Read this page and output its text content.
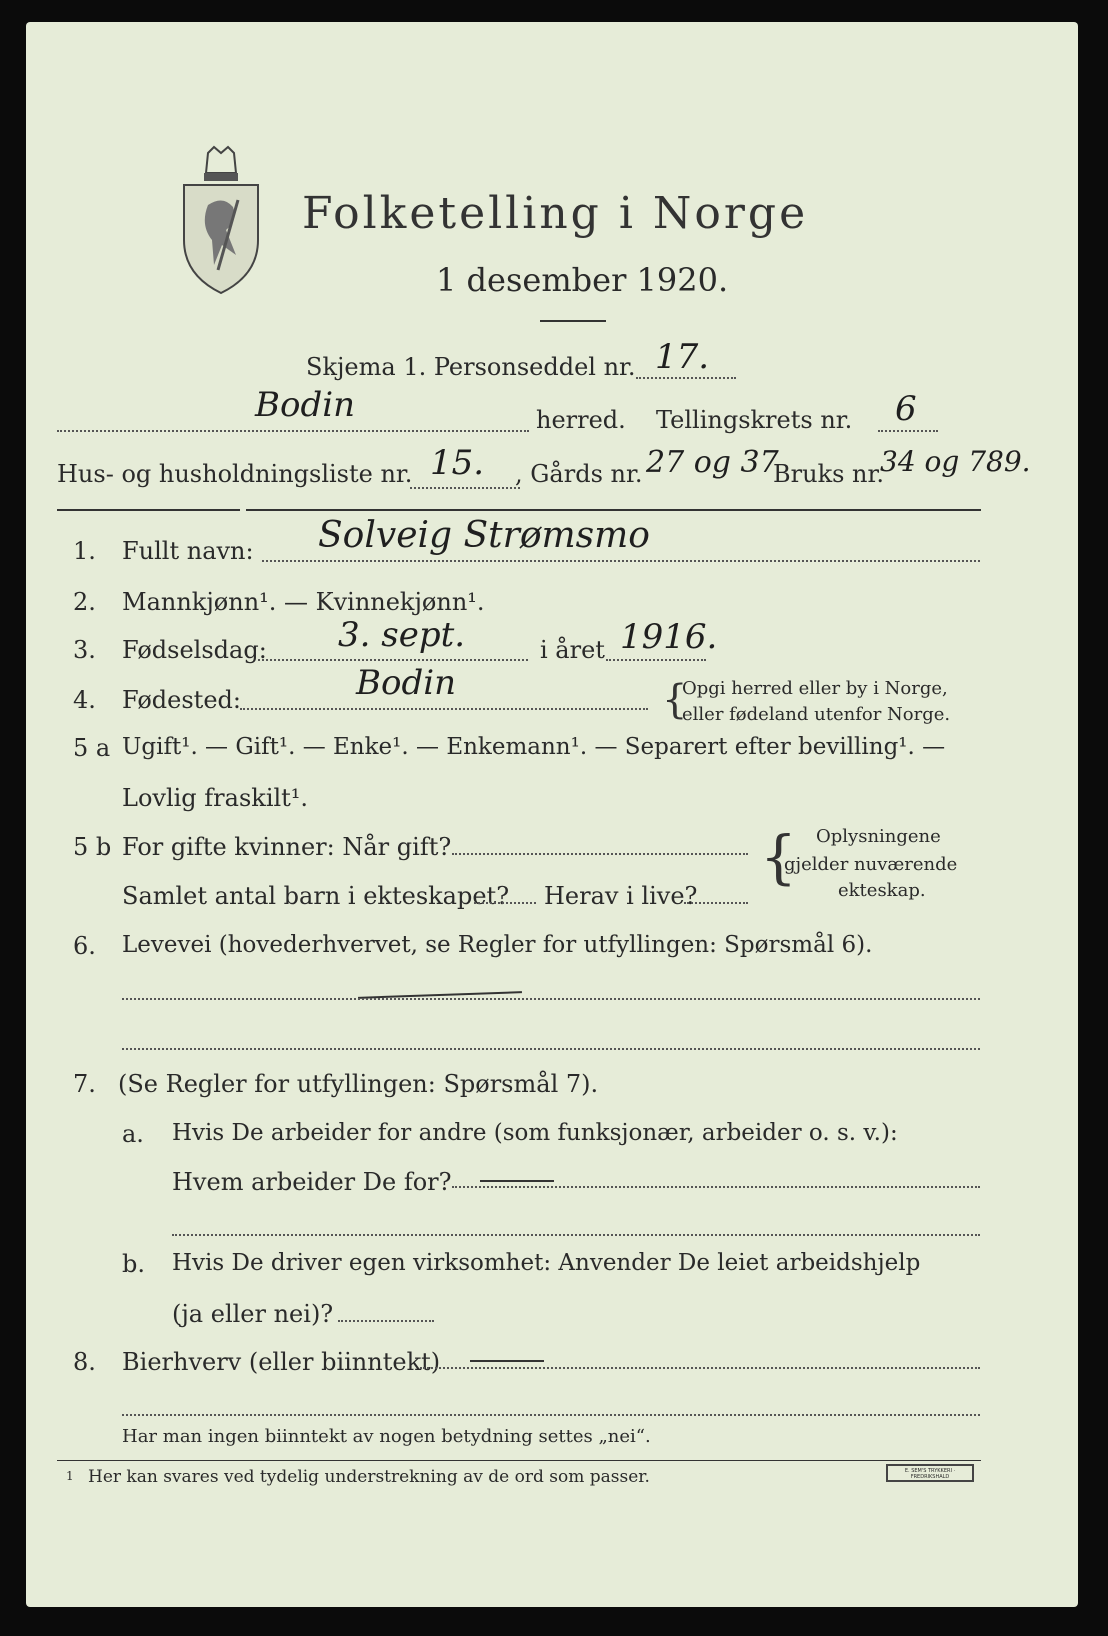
Folketelling i Norge
1 desember 1920.
Skjema 1. Personseddel nr. 17.
Bodin	herred. Tellingskrets nr. 6
Hus- og husholdningsliste nr. 15. , Gårds nr. 27 og 37
Bruks nr.
34 og 789.
1. Fullt navn: Solveig Strømsmo
2. Mannkjønn¹. — Kvinnekjønn¹.
3. Fødselsdag: 3. sept.	i året 1916.
4. Fødested:	Bodin	{
Opgi herred eller by i Norge,
eller fødeland utenfor Norge.
5 a Ugift¹. — Gift¹. — Enke¹. — Enkemann¹. — Separert efter bevilling¹. —
Lovlig fraskilt¹.
5 b For gifte kvinner: Når gift?
Samlet antal barn i ekteskapet? Herav i live?
{ Oplysningene
gjelder nuværende
ekteskap.
6. Levevei (hovederhvervet, se Regler for utfyllingen: Spørsmål 6).
7. (Se Regler for utfyllingen: Spørsmål 7).
a. Hvis De arbeider for andre (som funksjonær, arbeider o. s. v.):
Hvem arbeider De for?
b. Hvis De driver egen virksomhet: Anvender De leiet arbeidshjelp
(ja eller nei)?
8. Bierhverv (eller biinntekt)
Har man ingen biinntekt av nogen betydning settes „nei“.
1 Her kan svares ved tydelig understrekning av de ord som passer.	E. SEM'S TRYKKERI · FREDRIKSHALD
